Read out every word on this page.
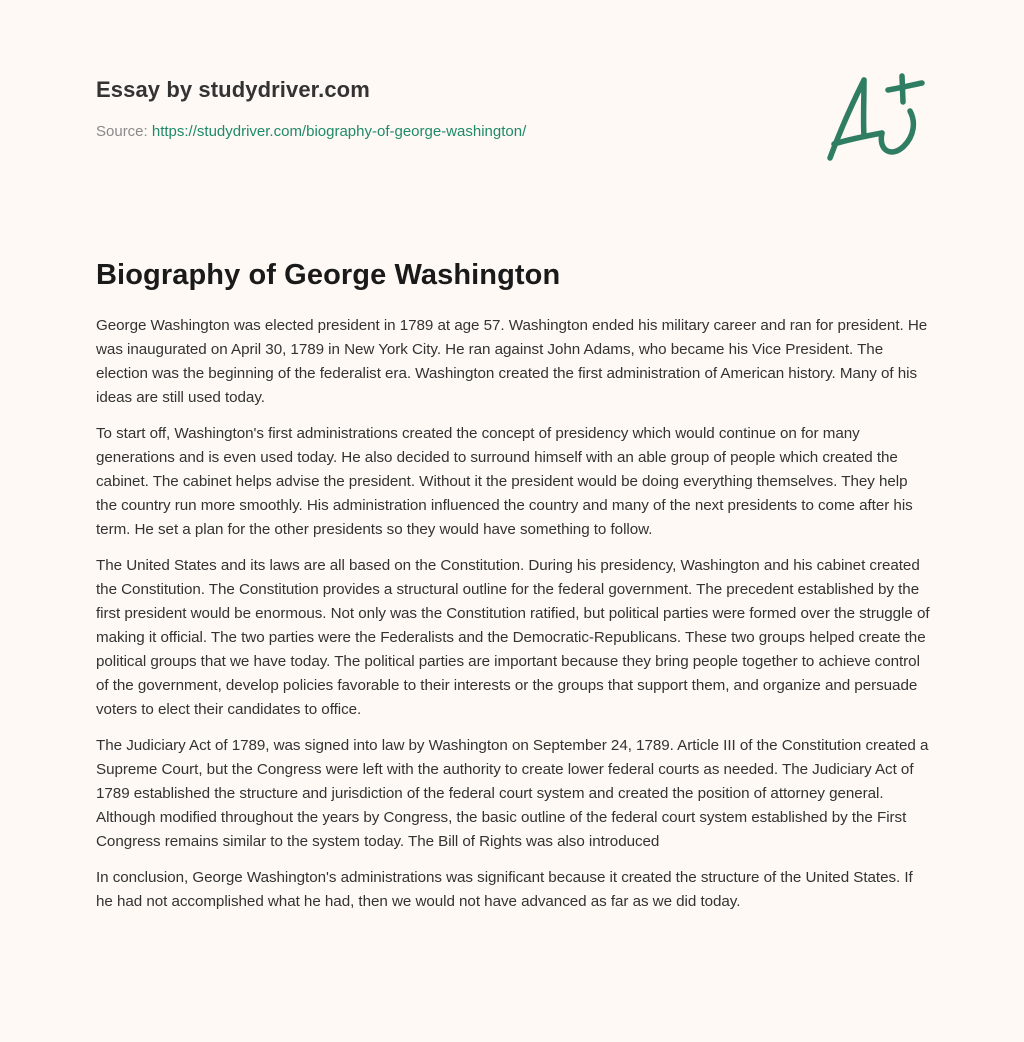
Essay by studydriver.com
Source: https://studydriver.com/biography-of-george-washington/
Biography of George Washington

George Washington was elected president in 1789 at age 57. Washington ended his military career and ran for president. He was inaugurated on April 30, 1789 in New York City. He ran against John Adams, who became his Vice President. The election was the beginning of the federalist era. Washington created the first administration of American history. Many of his ideas are still used today.

To start off, Washington's first administrations created the concept of presidency which would continue on for many generations and is even used today. He also decided to surround himself with an able group of people which created the cabinet. The cabinet helps advise the president. Without it the president would be doing everything themselves. They help the country run more smoothly. His administration influenced the country and many of the next presidents to come after his term. He set a plan for the other presidents so they would have something to follow.

The United States and its laws are all based on the Constitution. During his presidency, Washington and his cabinet created the Constitution. The Constitution provides a structural outline for the federal government. The precedent established by the first president would be enormous. Not only was the Constitution ratified, but political parties were formed over the struggle of making it official. The two parties were the Federalists and the Democratic-Republicans. These two groups helped create the political groups that we have today. The political parties are important because they bring people together to achieve control of the government, develop policies favorable to their interests or the groups that support them, and organize and persuade voters to elect their candidates to office.

The Judiciary Act of 1789, was signed into law by Washington on September 24, 1789. Article III of the Constitution created a Supreme Court, but the Congress were left with the authority to create lower federal courts as needed. The Judiciary Act of 1789 established the structure and jurisdiction of the federal court system and created the position of attorney general. Although modified throughout the years by Congress, the basic outline of the federal court system established by the First Congress remains similar to the system today. The Bill of Rights was also introduced

In conclusion, George Washington's administrations was significant because it created the structure of the United States. If he had not accomplished what he had, then we would not have advanced as far as we did today.
